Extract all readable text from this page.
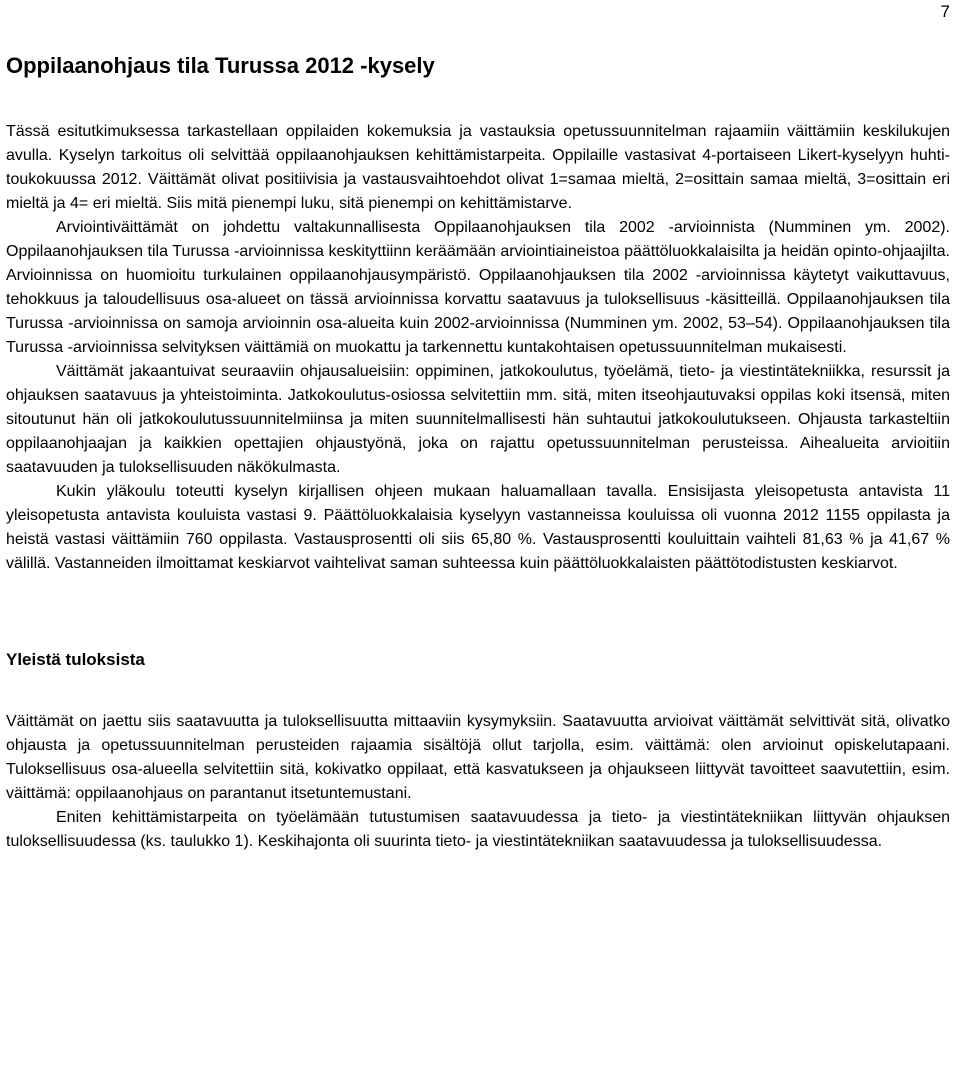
7
Oppilaanohjaus tila Turussa 2012 -kysely

Tässä esitutkimuksessa tarkastellaan oppilaiden kokemuksia ja vastauksia opetussuunnitelman rajaamiin väittämiin keskilukujen avulla. Kyselyn tarkoitus oli selvittää oppilaanohjauksen kehittämistarpeita. Oppilaille vastasivat 4-portaiseen Likert-kyselyyn huhti-toukokuussa 2012. Väittämät olivat positiivisia ja vastausvaihtoehdot olivat 1=samaa mieltä, 2=osittain samaa mieltä, 3=osittain eri mieltä ja 4= eri mieltä. Siis mitä pienempi luku, sitä pienempi on kehittämistarve.

Arviointiväittämät on johdettu valtakunnallisesta Oppilaanohjauksen tila 2002 -arvioinnista (Numminen ym. 2002). Oppilaanohjauksen tila Turussa -arvioinnissa keskityttiinn keräämään arviointiaineistoa päättöluokkalaisilta ja heidän opinto-ohjaajilta. Arvioinnissa on huomioitu turkulainen oppilaanohjausympäristö. Oppilaanohjauksen tila 2002 -arvioinnissa käytetyt vaikuttavuus, tehokkuus ja taloudellisuus osa-alueet on tässä arvioinnissa korvattu saatavuus ja tuloksellisuus -käsitteillä. Oppilaanohjauksen tila Turussa -arvioinnissa on samoja arvioinnin osa-alueita kuin 2002-arvioinnissa (Numminen ym. 2002, 53–54). Oppilaanohjauksen tila Turussa -arvioinnissa selvityksen väittämiä on muokattu ja tarkennettu kuntakohtaisen opetussuunnitelman mukaisesti.

Väittämät jakaantuivat seuraaviin ohjausalueisiin: oppiminen, jatkokoulutus, työelämä, tieto- ja viestintätekniikka, resurssit ja ohjauksen saatavuus ja yhteistoiminta. Jatkokoulutus-osiossa selvitettiin mm. sitä, miten itseohjautuvaksi oppilas koki itsensä, miten sitoutunut hän oli jatkokoulutussuunnitelmiinsa ja miten suunnitelmallisesti hän suhtautui jatkokoulutukseen. Ohjausta tarkasteltiin oppilaanohjaajan ja kaikkien opettajien ohjaustyönä, joka on rajattu opetussuunnitelman perusteissa. Aihealueita arvioitiin saatavuuden ja tuloksellisuuden näkökulmasta.

Kukin yläkoulu toteutti kyselyn kirjallisen ohjeen mukaan haluamallaan tavalla. Ensisijasta yleisopetusta antavista 11 yleisopetusta antavista kouluista vastasi 9. Päättöluokkalaisia kyselyyn vastanneissa kouluissa oli vuonna 2012 1155 oppilasta ja heistä vastasi väittämiin 760 oppilasta. Vastausprosentti oli siis 65,80 %. Vastausprosentti kouluittain vaihteli 81,63 % ja 41,67 % välillä. Vastanneiden ilmoittamat keskiarvot vaihtelivat saman suhteessa kuin päättöluokkalaisten päättötodistusten keskiarvot.

Yleistä tuloksista

Väittämät on jaettu siis saatavuutta ja tuloksellisuutta mittaaviin kysymyksiin. Saatavuutta arvioivat väittämät selvittivät sitä, olivatko ohjausta ja opetussuunnitelman perusteiden rajaamia sisältöjä ollut tarjolla, esim. väittämä: olen arvioinut opiskelutapaani. Tuloksellisuus osa-alueella selvitettiin sitä, kokivatko oppilaat, että kasvatukseen ja ohjaukseen liittyvät tavoitteet saavutettiin, esim. väittämä: oppilaanohjaus on parantanut itsetuntemustani.

Eniten kehittämistarpeita on työelämään tutustumisen saatavuudessa ja tieto- ja viestintätekniikan liittyvän ohjauksen tuloksellisuudessa (ks. taulukko 1). Keskihajonta oli suurinta tieto- ja viestintätekniikan saatavuudessa ja tuloksellisuudessa.
